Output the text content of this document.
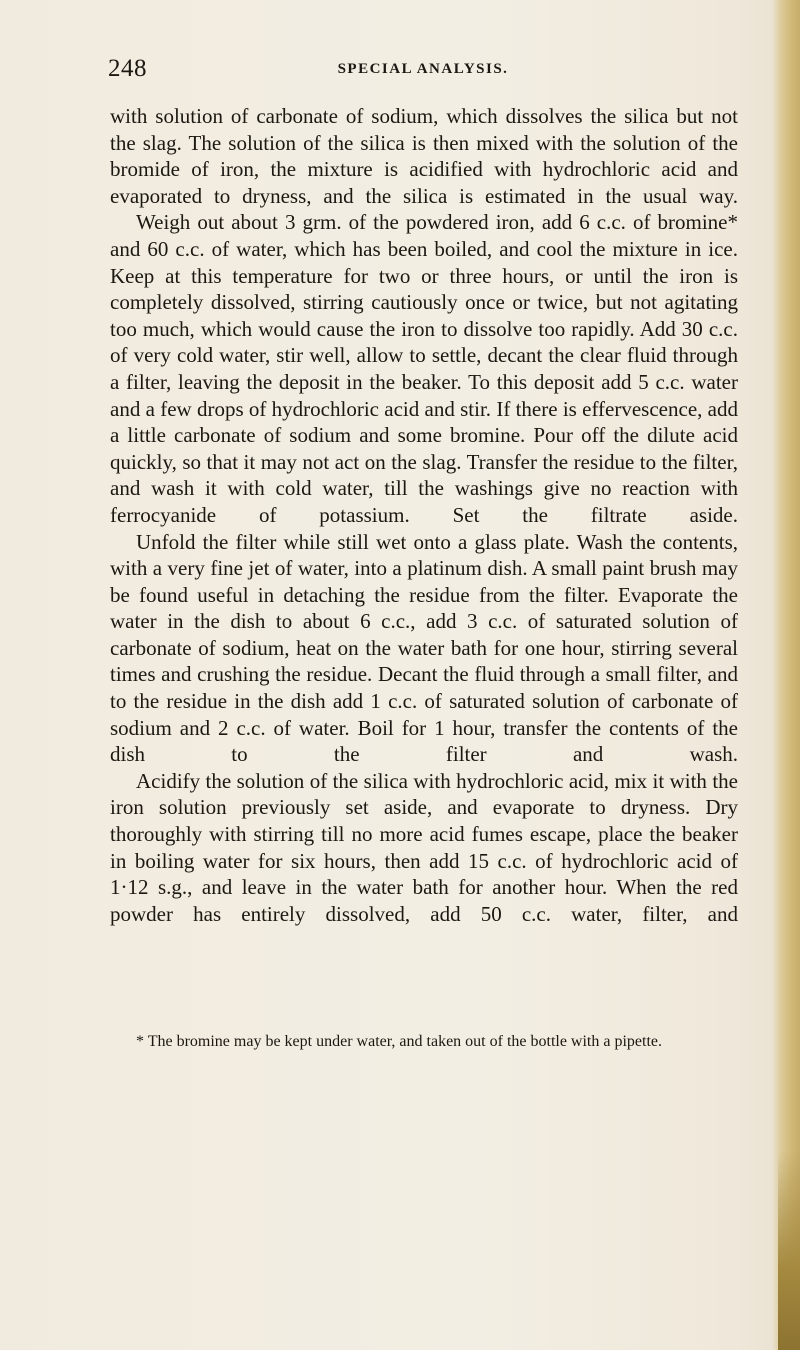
248	SPECIAL ANALYSIS.

with solution of carbonate of sodium, which dissolves the silica but not the slag. The solution of the silica is then mixed with the solution of the bromide of iron, the mixture is acidified with hydrochloric acid and evaporated to dryness, and the silica is estimated in the usual way.

Weigh out about 3 grm. of the powdered iron, add 6 c.c. of bromine* and 60 c.c. of water, which has been boiled, and cool the mixture in ice. Keep at this temperature for two or three hours, or until the iron is completely dissolved, stirring cautiously once or twice, but not agitating too much, which would cause the iron to dissolve too rapidly. Add 30 c.c. of very cold water, stir well, allow to settle, decant the clear fluid through a filter, leaving the deposit in the beaker. To this deposit add 5 c.c. water and a few drops of hydrochloric acid and stir. If there is effervescence, add a little carbonate of sodium and some bromine. Pour off the dilute acid quickly, so that it may not act on the slag. Transfer the residue to the filter, and wash it with cold water, till the washings give no reaction with ferrocyanide of potassium. Set the filtrate aside.

Unfold the filter while still wet onto a glass plate. Wash the contents, with a very fine jet of water, into a platinum dish. A small paint brush may be found useful in detaching the residue from the filter. Evaporate the water in the dish to about 6 c.c., add 3 c.c. of saturated solution of carbonate of sodium, heat on the water bath for one hour, stirring several times and crushing the residue. Decant the fluid through a small filter, and to the residue in the dish add 1 c.c. of saturated solution of carbonate of sodium and 2 c.c. of water. Boil for 1 hour, transfer the contents of the dish to the filter and wash.

Acidify the solution of the silica with hydrochloric acid, mix it with the iron solution previously set aside, and evaporate to dryness. Dry thoroughly with stirring till no more acid fumes escape, place the beaker in boiling water for six hours, then add 15 c.c. of hydrochloric acid of 1·12 s.g., and leave in the water bath for another hour. When the red powder has entirely dissolved, add 50 c.c. water, filter, and

* The bromine may be kept under water, and taken out of the bottle with a pipette.
